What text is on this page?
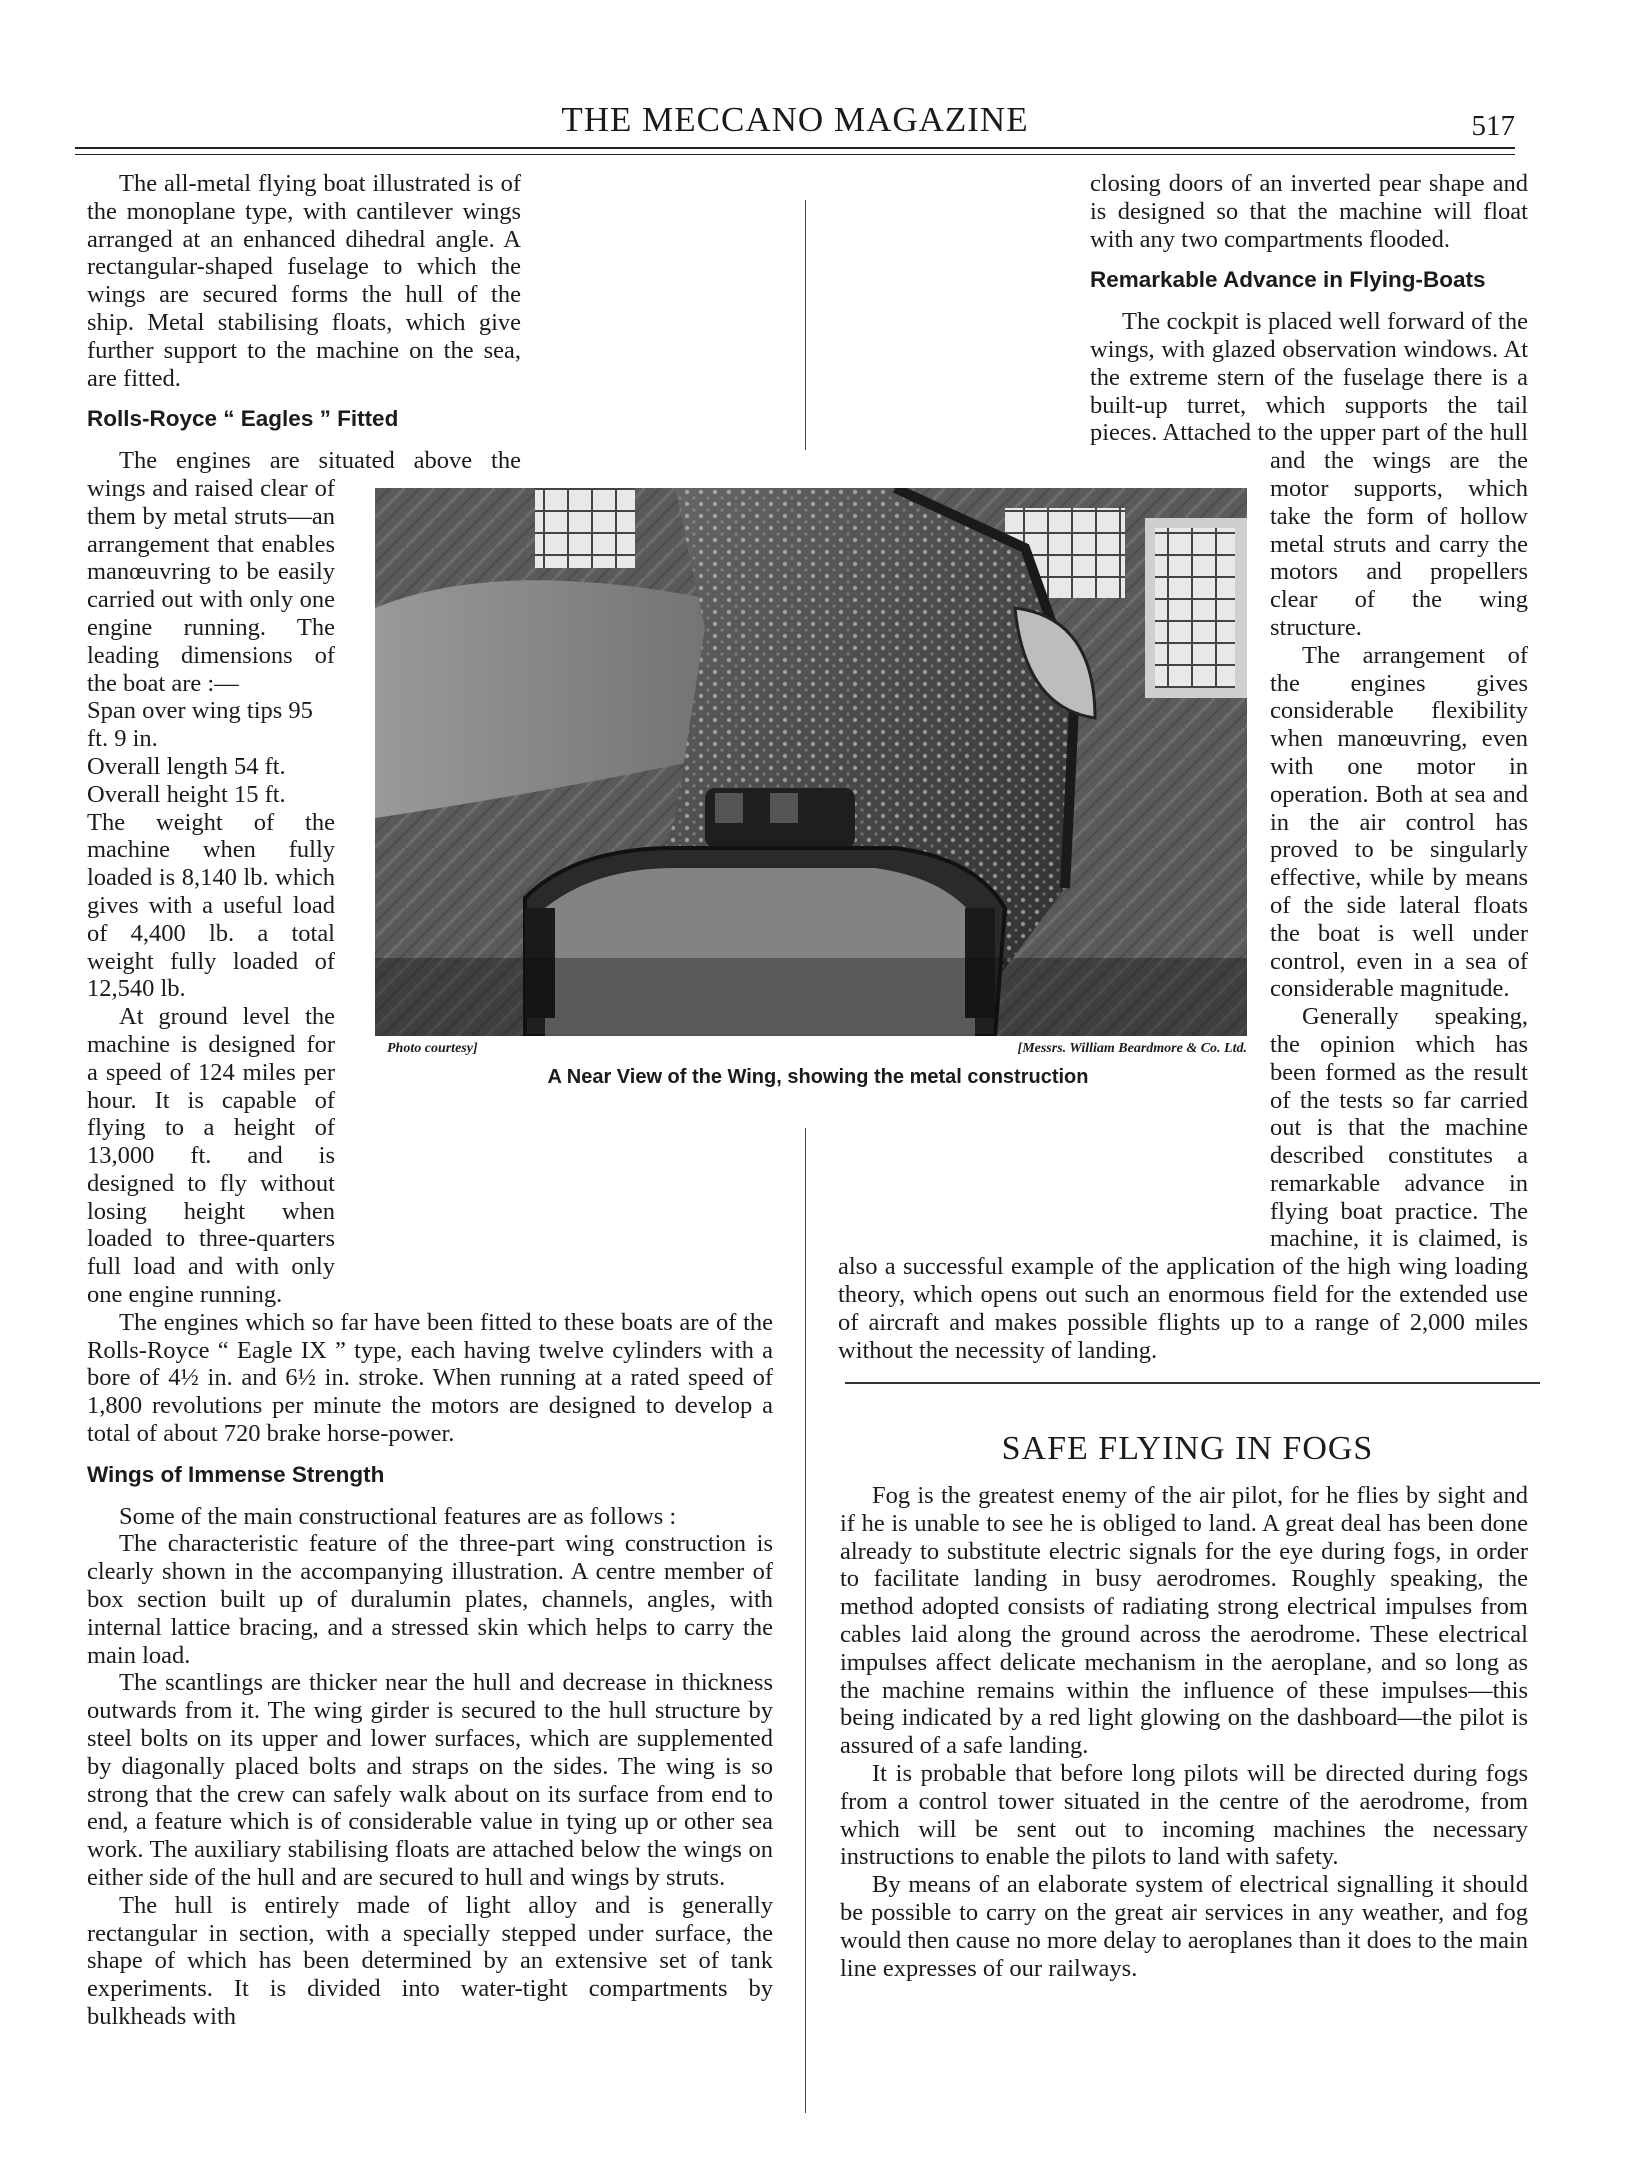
THE MECCANO MAGAZINE	517

The all-metal flying boat illustrated is of the monoplane type, with cantilever wings arranged at an enhanced dihedral angle. A rectangular-shaped fuselage to which the wings are secured forms the hull of the ship. Metal stabilising floats, which give further support to the machine on the sea, are fitted.

Rolls-Royce “ Eagles ” Fitted

The engines are situated above the wings and raised clear of them by metal struts—an arrangement that enables manœuvring to be easily carried out with only one engine running. The leading dimensions of the boat are :—

Span over wing tips 95 ft. 9 in.

Overall length 54 ft.

Overall height 15 ft.

The weight of the machine when fully loaded is 8,140 lb. which gives with a useful load of 4,400 lb. a total weight fully loaded of 12,540 lb.

At ground level the machine is designed for a speed of 124 miles per hour. It is capable of flying to a height of 13,000 ft. and is designed to fly without losing height when loaded to three-quarters full load and with only one engine running.

The engines which so far have been fitted to these boats are of the Rolls-Royce “ Eagle IX ” type, each having twelve cylinders with a bore of 4½ in. and 6½ in. stroke. When running at a rated speed of 1,800 revolutions per minute the motors are designed to develop a total of about 720 brake horse-power.

Wings of Immense Strength

Some of the main constructional features are as follows :

The characteristic feature of the three-part wing construction is clearly shown in the accompanying illustration. A centre member of box section built up of duralumin plates, channels, angles, with internal lattice bracing, and a stressed skin which helps to carry the main load.

The scantlings are thicker near the hull and decrease in thickness outwards from it. The wing girder is secured to the hull structure by steel bolts on its upper and lower surfaces, which are supplemented by diagonally placed bolts and straps on the sides. The wing is so strong that the crew can safely walk about on its surface from end to end, a feature which is of considerable value in tying up or other sea work. The auxiliary stabilising floats are attached below the wings on either side of the hull and are secured to hull and wings by struts.

The hull is entirely made of light alloy and is generally rectangular in section, with a specially stepped under surface, the shape of which has been determined by an extensive set of tank experiments. It is divided into water-tight compartments by bulkheads with

closing doors of an inverted pear shape and is designed so that the machine will float with any two compartments flooded.

Remarkable Advance in Flying-Boats

The cockpit is placed well forward of the wings, with glazed observation windows. At the extreme stern of the fuselage there is a built-up turret, which supports the tail pieces. Attached to the upper part of the hull and the wings are the motor supports, which take the form of hollow metal struts and carry the motors and propellers clear of the wing structure.

The arrangement of the engines gives considerable flexibility when manœuvring, even with one motor in operation. Both at sea and in the air control has proved to be singularly effective, while by means of the side lateral floats the boat is well under control, even in a sea of considerable magnitude.

Generally speaking, the opinion which has been formed as the result of the tests so far carried out is that the machine described constitutes a remarkable advance in flying boat practice. The machine, it is claimed, is also a successful example of the application of the high wing loading theory, which opens out such an enormous field for the extended use of aircraft and makes possible flights up to a range of 2,000 miles without the necessity of landing.

Photo courtesy]	[Messrs. William Beardmore & Co. Ltd.
A Near View of the Wing, showing the metal construction
SAFE FLYING IN FOGS

Fog is the greatest enemy of the air pilot, for he flies by sight and if he is unable to see he is obliged to land. A great deal has been done already to substitute electric signals for the eye during fogs, in order to facilitate landing in busy aerodromes. Roughly speaking, the method adopted consists of radiating strong electrical impulses from cables laid along the ground across the aerodrome. These electrical impulses affect delicate mechanism in the aeroplane, and so long as the machine remains within the influence of these impulses—this being indicated by a red light glowing on the dashboard—the pilot is assured of a safe landing.

It is probable that before long pilots will be directed during fogs from a control tower situated in the centre of the aerodrome, from which will be sent out to incoming machines the necessary instructions to enable the pilots to land with safety.

By means of an elaborate system of electrical signalling it should be possible to carry on the great air services in any weather, and fog would then cause no more delay to aeroplanes than it does to the main line expresses of our railways.
